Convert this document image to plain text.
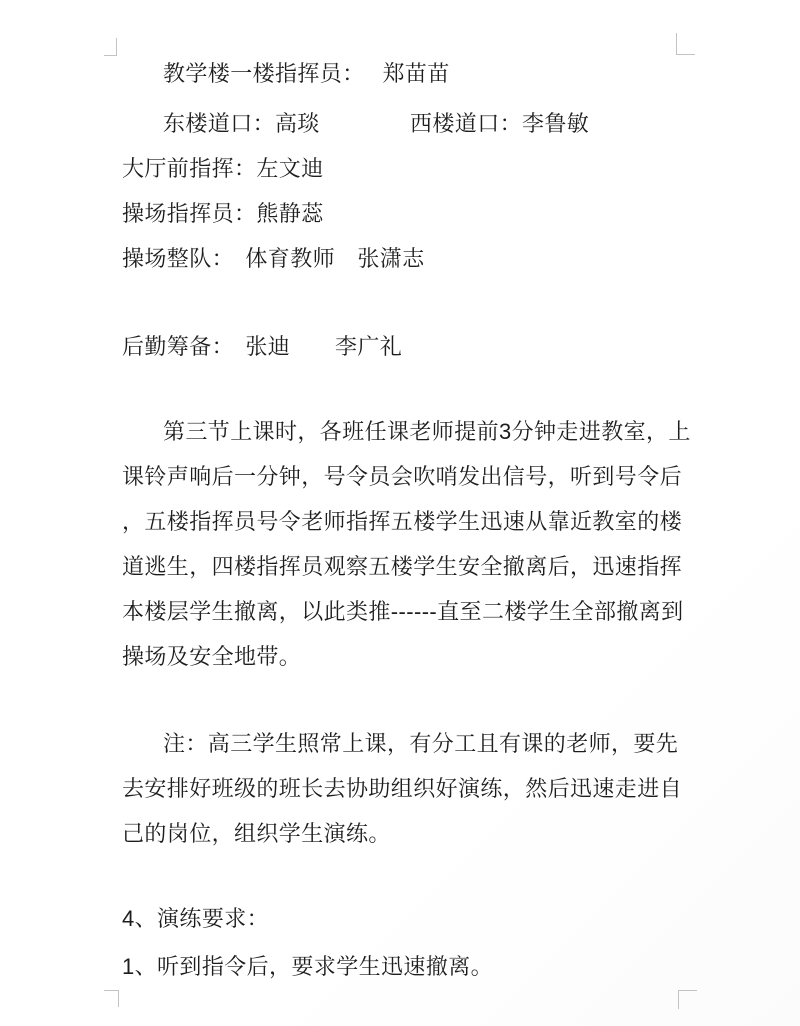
教学楼一楼指挥员：　 郑苗苗
东楼道口：高琰	西楼道口：李鲁敏
大厅前指挥：左文迪
操场指挥员：熊静蕊
操场整队：　体育教师　张潇志
后勤筹备：　张迪　　李广礼
第三节上课时，各班任课老师提前3分钟走进教室，上
课铃声响后一分钟，号令员会吹哨发出信号，听到号令后
，五楼指挥员号令老师指挥五楼学生迅速从靠近教室的楼
道逃生，四楼指挥员观察五楼学生安全撤离后，迅速指挥
本楼层学生撤离，以此类推------直至二楼学生全部撤离到
操场及安全地带。
注：高三学生照常上课，有分工且有课的老师，要先
去安排好班级的班长去协助组织好演练，然后迅速走进自
己的岗位，组织学生演练。
4、演练要求：
1、听到指令后，要求学生迅速撤离。
